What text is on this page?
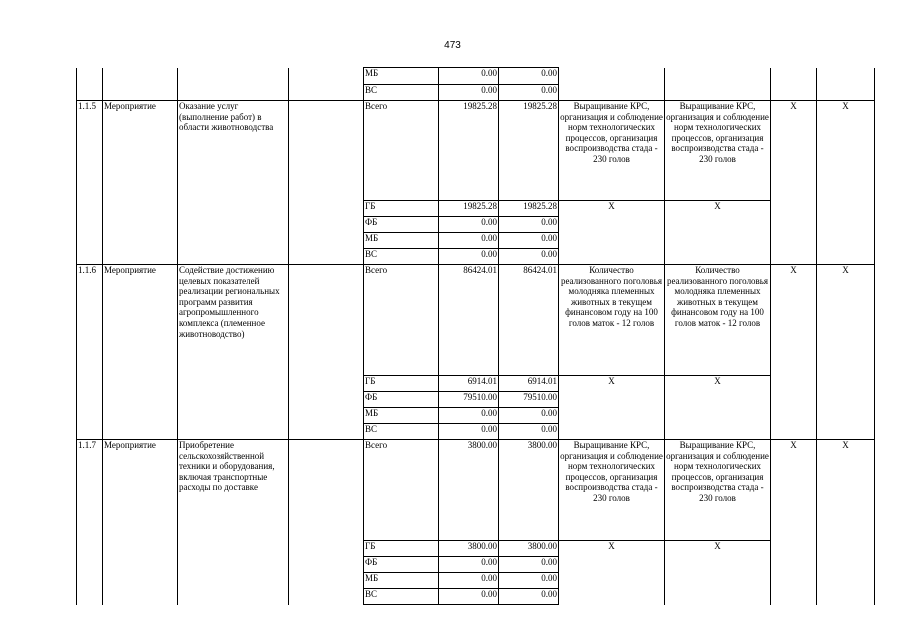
473
				МБ	0.00	0.00				
				ВС	0.00	0.00				
1.1.5	Мероприятие	Оказание услуг (выполнение работ) в области животноводства		Всего	19825.28	19825.28	Выращивание КРС, организация и соблюдение норм технологических процессов, организация воспроизводства стада - 230 голов	Выращивание КРС, организация и соблюдение норм технологических процессов, организация воспроизводства стада - 230 голов	X	X
				ГБ	19825.28	19825.28	X	X		
				ФБ	0.00	0.00				
				МБ	0.00	0.00				
				ВС	0.00	0.00				
1.1.6	Мероприятие	Содействие достижению целевых показателей реализации региональных программ развития агропромышленного комплекса (племенное животноводство)		Всего	86424.01	86424.01	Количество реализованного поголовья молодняка племенных животных в текущем финансовом году на 100 голов маток - 12 голов	Количество реализованного поголовья молодняка племенных животных в текущем финансовом году на 100 голов маток - 12 голов	X	X
				ГБ	6914.01	6914.01	X	X		
				ФБ	79510.00	79510.00				
				МБ	0.00	0.00				
				ВС	0.00	0.00				
1.1.7	Мероприятие	Приобретение сельскохозяйственной техники и оборудования, включая транспортные расходы по доставке		Всего	3800.00	3800.00	Выращивание КРС, организация и соблюдение норм технологических процессов, организация воспроизводства стада - 230 голов	Выращивание КРС, организация и соблюдение норм технологических процессов, организация воспроизводства стада - 230 голов	X	X
				ГБ	3800.00	3800.00	X	X		
				ФБ	0.00	0.00				
				МБ	0.00	0.00				
				ВС	0.00	0.00				
